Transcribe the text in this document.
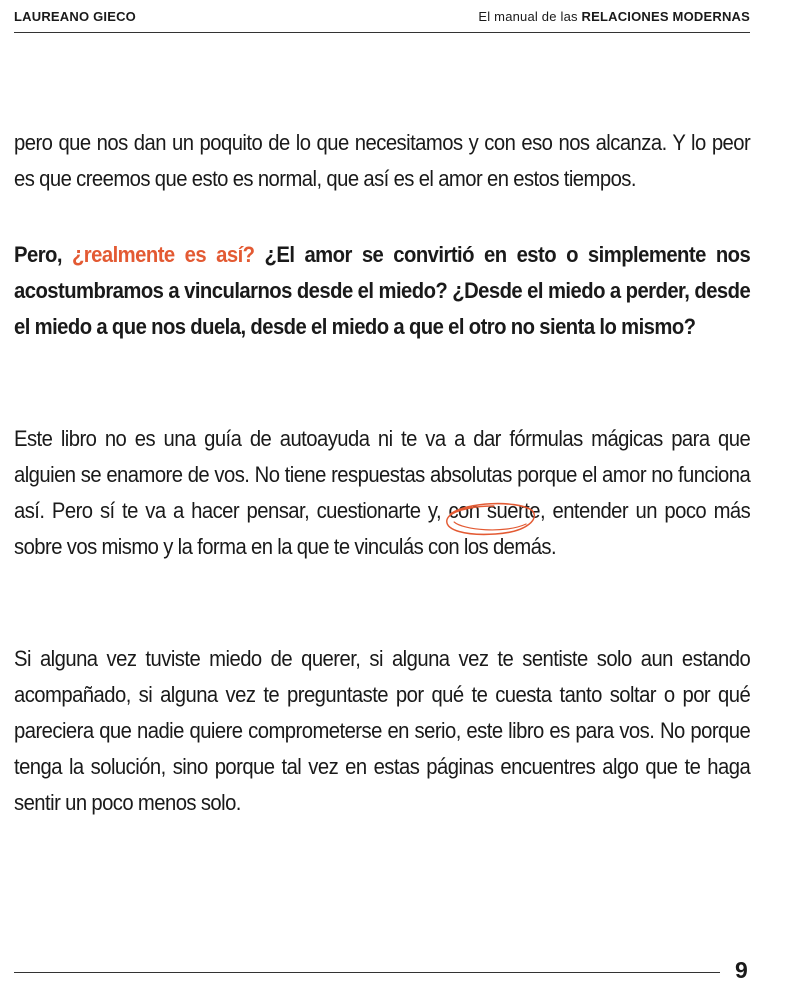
LAUREANO GIECO	El manual de las RELACIONES MODERNAS

pero que nos dan un poquito de lo que necesitamos y con eso nos alcanza. Y lo peor es que creemos que esto es normal, que así es el amor en estos tiempos.

Pero, ¿realmente es así? ¿El amor se convirtió en esto o simplemente nos acostumbramos a vincularnos desde el miedo? ¿Desde el miedo a perder, desde el miedo a que nos duela, desde el miedo a que el otro no sienta lo mismo?

Este libro no es una guía de autoayuda ni te va a dar fórmulas mágicas para que alguien se enamore de vos. No tiene respuestas absolutas porque el amor no funciona así. Pero sí te va a hacer pensar, cuestionarte y, con suerte
, entender un poco más sobre vos mismo y la forma en la que te vinculás con los demás.

Si alguna vez tuviste miedo de querer, si alguna vez te sentiste solo aun estando acompañado, si alguna vez te preguntaste por qué te cuesta tanto soltar o por qué pareciera que nadie quiere comprometerse en serio, este libro es para vos. No porque tenga la solución, sino porque tal vez en estas páginas encuentres algo que te haga sentir un poco menos solo.

9
